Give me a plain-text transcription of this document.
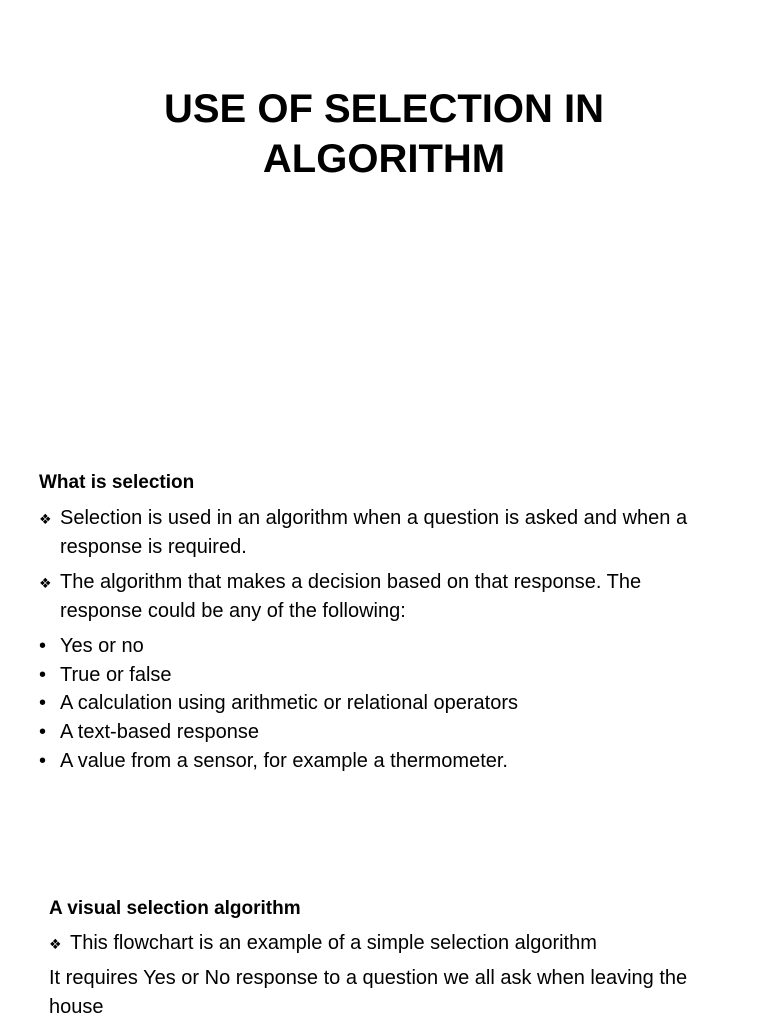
USE OF SELECTION IN
ALGORITHM
What is selection
❖ Selection is used in an algorithm when a question is asked and when a
response is required.
❖ The algorithm that makes a decision based on that response. The
response could be any of the following:
• Yes or no
• True or false
• A calculation using arithmetic or relational operators
• A text-based response
• A value from a sensor, for example a thermometer.
A visual selection algorithm
❖ This flowchart is an example of a simple selection algorithm
It requires Yes or No response to a question we all ask when leaving the
house
